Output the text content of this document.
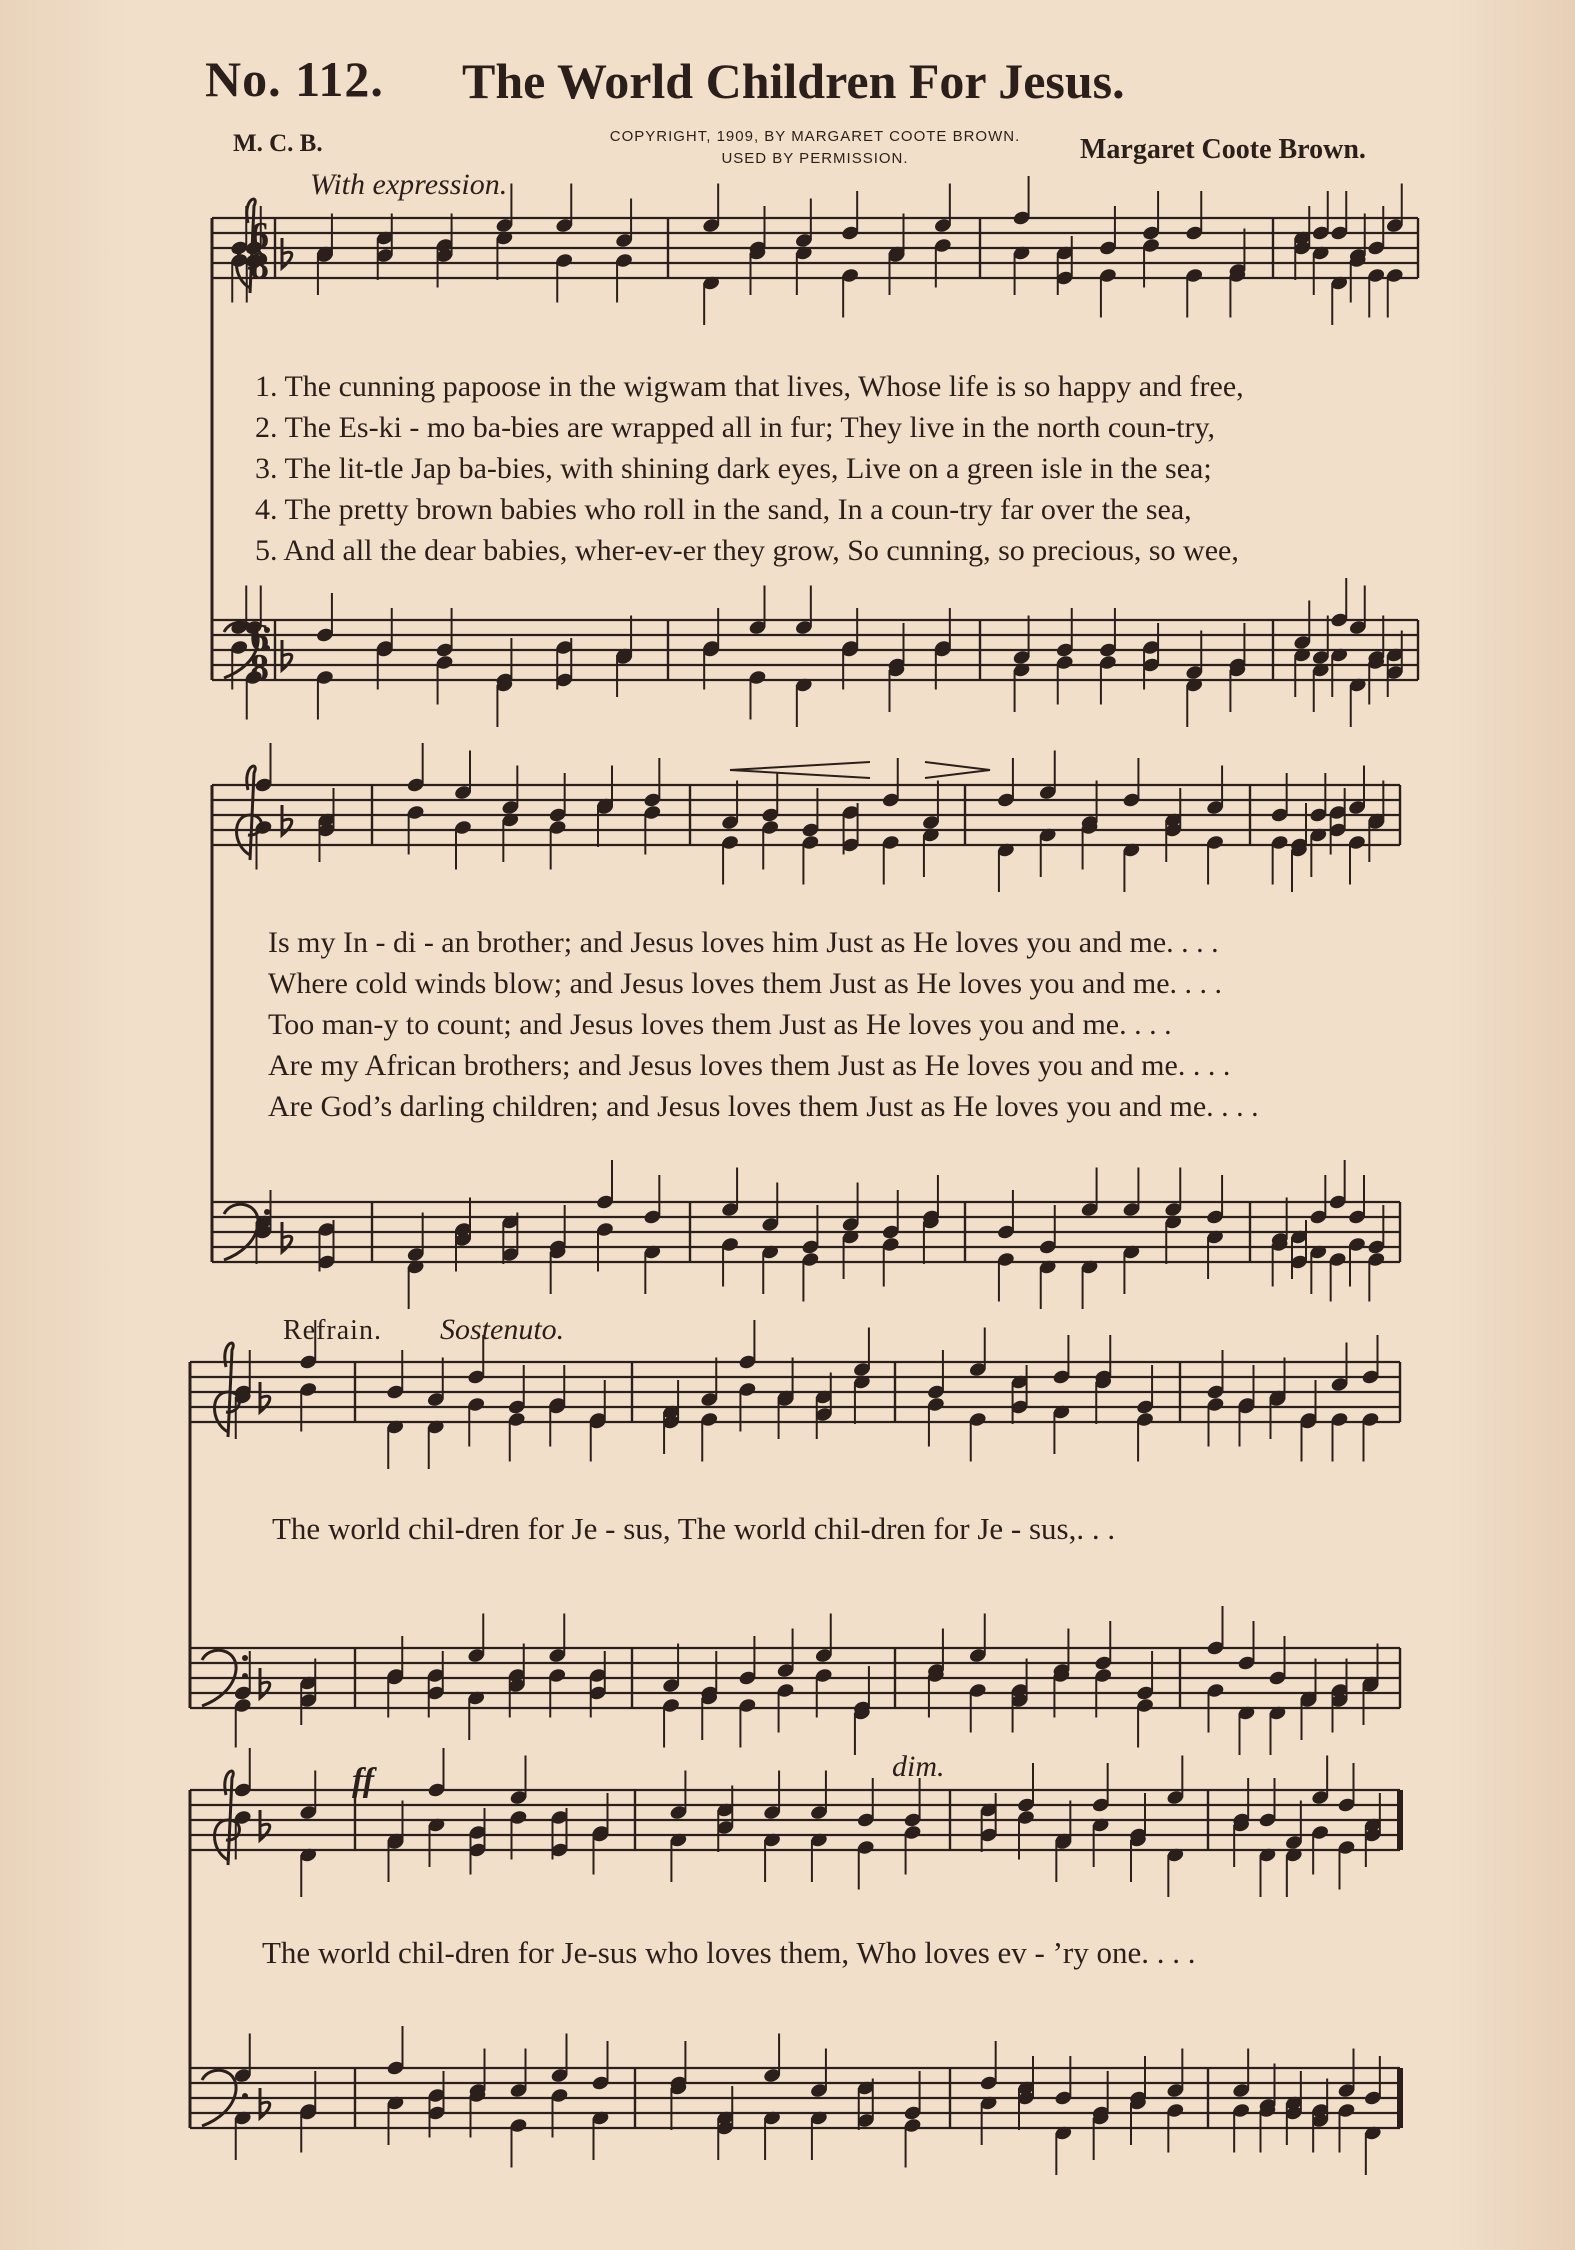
No. 112. The World Children For Jesus.
M. C. B.	COPYRIGHT, 1909, BY MARGARET COOTE BROWN.
USED BY PERMISSION.	Margaret Coote Brown.
With expression.
6
8
6
8
1. The cunning papoose in the wigwam that lives, Whose life is so happy and free,
2. The Es-ki - mo ba-bies are wrapped all in fur; They live in the north coun-try,
3. The lit-tle Jap ba-bies, with shining dark eyes, Live on a green isle in the sea;
4. The pretty brown babies who roll in the sand, In a coun-try far over the sea,
5. And all the dear babies, wher-ev-er they grow, So cunning, so precious, so wee,
Is my In - di - an brother; and Jesus loves him Just as He loves you and me. . . .
Where cold winds blow; and Jesus loves them Just as He loves you and me. . . .
Too man-y to count; and Jesus loves them Just as He loves you and me. . . .
Are my African brothers; and Jesus loves them Just as He loves you and me. . . .
Are God’s darling children; and Jesus loves them Just as He loves you and me. . . .
Refrain. Sostenuto.
The world chil-dren for Je - sus, The world chil-dren for Je - sus,. . .
ff	dim.
The world chil-dren for Je-sus who loves them, Who loves ev - ’ry one. . . .
